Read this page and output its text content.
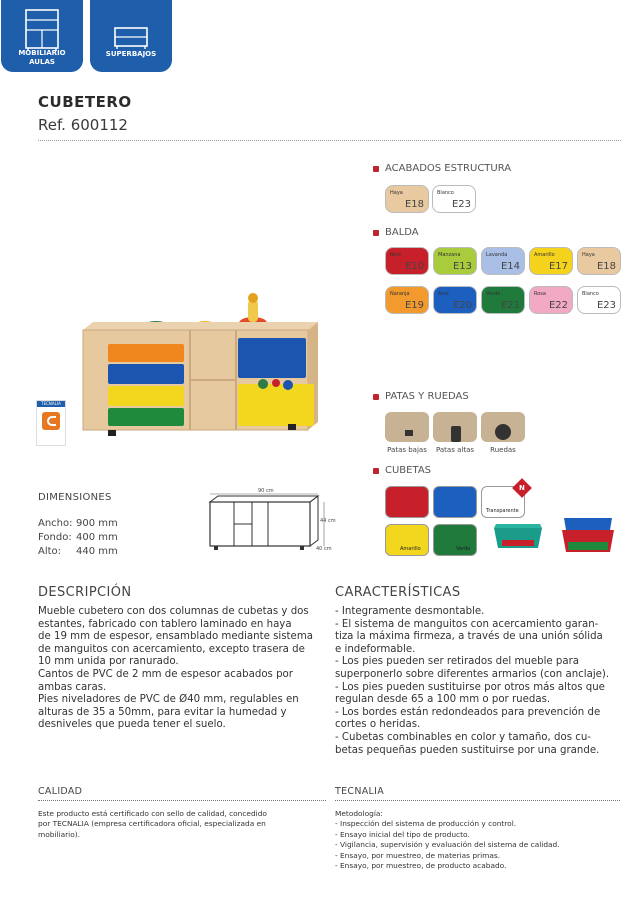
MOBILIARIO
AULAS
SUPERBAJOS
CUBETERO
Ref. 600112
TECNALIA
ACABADOS ESTRUCTURA
Haya
E18
Blanco
E23
BALDA
Rojo
E10
Manzana
E13
Lavanda
E14
Amarillo
E17
Haya
E18
Naranja
E19
Azul
E20
Verde
E21
Rosa
E22
Blanco
E23
PATAS Y RUEDAS
Patas bajas	Patas altas	Ruedas
CUBETAS
Transparente
N
Amarillo	Verde
DIMENSIONES
Ancho: 900 mm
Fondo: 400 mm
Alto:	440 mm
90 cm
44 cm
40 cm
DESCRIPCIÓN
Mueble cubetero con dos columnas de cubetas y dos
estantes, fabricado con tablero laminado en haya
de 19 mm de espesor, ensamblado mediante sistema
de manguitos con acercamiento, excepto trasera de
10 mm unida por ranurado.
Cantos de PVC de 2 mm de espesor acabados por
ambas caras.
Pies niveladores de PVC de Ø40 mm, regulables en
alturas de 35 a 50mm, para evitar la humedad y
desniveles que pueda tener el suelo.
CARACTERÍSTICAS
- Integramente desmontable.
- El sistema de manguitos con acercamiento garan-
tiza la máxima firmeza, a través de una unión sólida
e indeformable.
- Los pies pueden ser retirados del mueble para
superponerlo sobre diferentes armarios (con anclaje).
- Los pies pueden sustituirse por otros más altos que
regulan desde 65 a 100 mm o por ruedas.
- Los bordes están redondeados para prevención de
cortes o heridas.
- Cubetas combinables en color y tamaño, dos cu-
betas pequeñas pueden sustituirse por una grande.
CALIDAD
Este producto está certificado con sello de calidad, concedido
por TECNALIA (empresa certificadora oficial, especializada en
mobiliario).
TECNALIA
Metodología:
- Inspección del sistema de producción y control.
- Ensayo inicial del tipo de producto.
- Vigilancia, supervisión y evaluación del sistema de calidad.
- Ensayo, por muestreo, de materias primas.
- Ensayo, por muestreo, de producto acabado.
